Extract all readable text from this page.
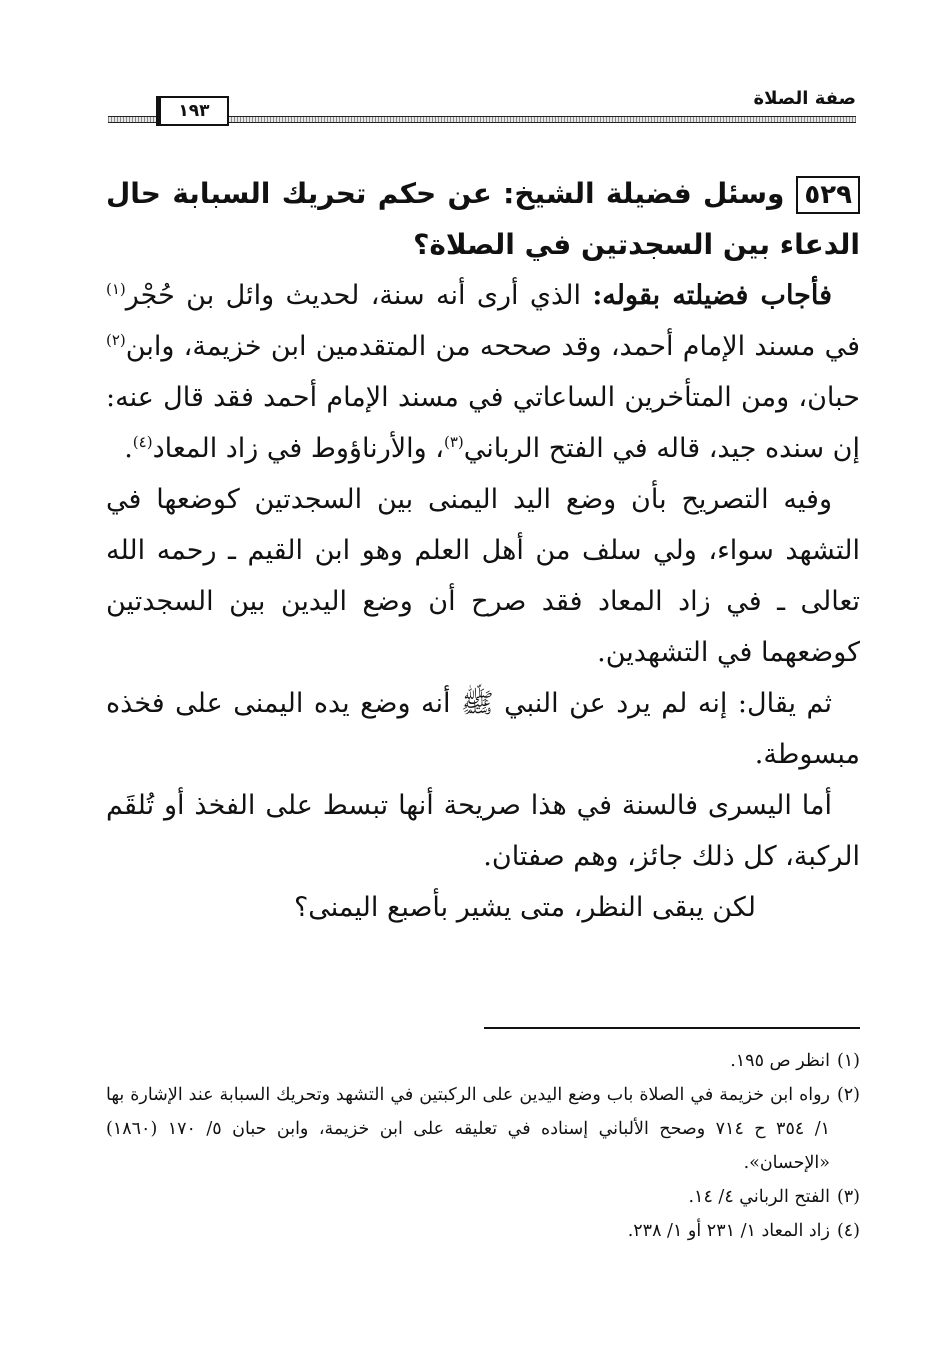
١٩٣
صفة الصلاة

٥٢٩وسئل فضيلة الشيخ: عن حكم تحريك السبابة حال الدعاء بين السجدتين في الصلاة؟

فأجاب فضيلته بقوله: الذي أرى أنه سنة، لحديث وائل بن حُجْر$^{(١)}$ في مسند الإمام أحمد، وقد صححه من المتقدمين ابن خزيمة، وابن$^{(٢)}$ حبان، ومن المتأخرين الساعاتي في مسند الإمام أحمد فقد قال عنه: إن سنده جيد، قاله في الفتح الرباني$^{(٣)}$، والأرناؤوط في زاد المعاد$^{(٤)}$.

وفيه التصريح بأن وضع اليد اليمنى بين السجدتين كوضعها في التشهد سواء، ولي سلف من أهل العلم وهو ابن القيم ـ رحمه الله تعالى ـ في زاد المعاد فقد صرح أن وضع اليدين بين السجدتين كوضعهما في التشهدين.

ثم يقال: إنه لم يرد عن النبي ﷺ أنه وضع يده اليمنى على فخذه مبسوطة.

أما اليسرى فالسنة في هذا صريحة أنها تبسط على الفخذ أو تُلقَم الركبة، كل ذلك جائز، وهم صفتان.

لكن يبقى النظر، متى يشير بأصبع اليمنى؟

(١)
انظر ص ١٩٥.
(٢)
رواه ابن خزيمة في الصلاة باب وضع اليدين على الركبتين في التشهد وتحريك السبابة عند الإشارة بها ١/ ٣٥٤ ح ٧١٤ وصحح الألباني إسناده في تعليقه على ابن خزيمة، وابن حبان ٥/ ١٧٠ (١٨٦٠) «الإحسان».
(٣)
الفتح الرباني ٤/ ١٤.
(٤)
زاد المعاد ١/ ٢٣١ أو ١/ ٢٣٨.
